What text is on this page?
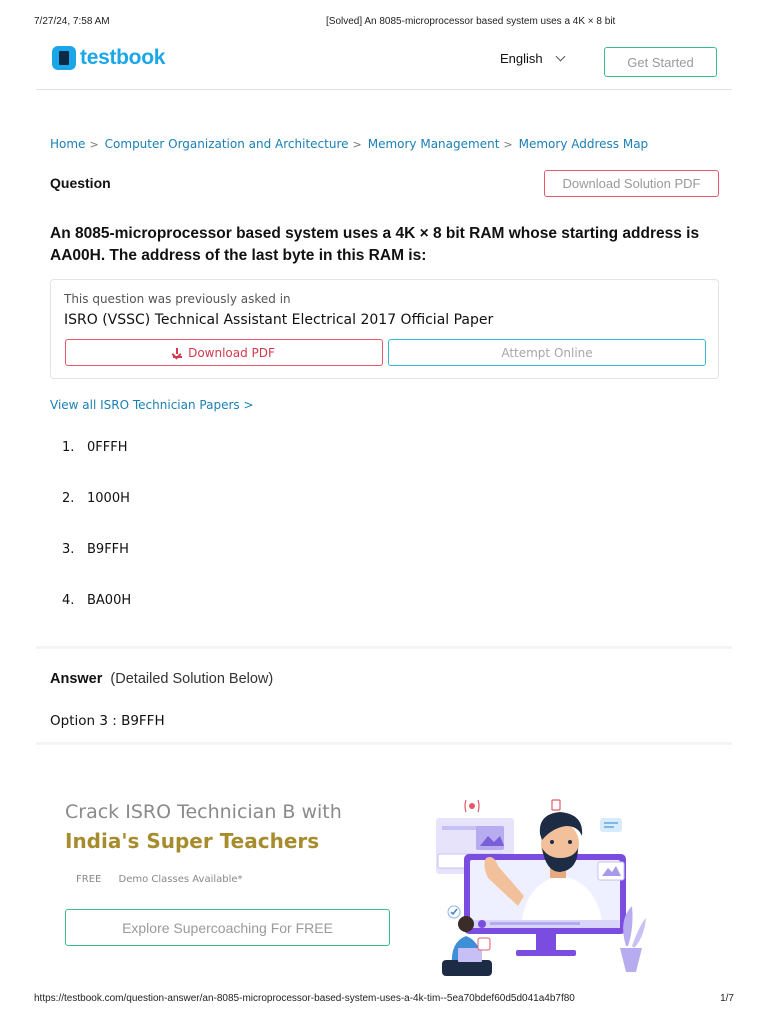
7/27/24, 7:58 AM	[Solved] An 8085-microprocessor based system uses a 4K × 8 bit
testbook	English	Get Started
Home > Computer Organization and Architecture > Memory Management > Memory Address Map
Question	Download Solution PDF
An 8085-microprocessor based system uses a 4K × 8 bit RAM whose starting address is AA00H. The address of the last byte in this RAM is:
This question was previously asked in
ISRO (VSSC) Technical Assistant Electrical 2017 Official Paper
Download PDF	Attempt Online
View all ISRO Technician Papers >
1. 0FFFH
2. 1000H
3. B9FFH
4. BA00H
Answer (Detailed Solution Below)
Option 3 : B9FFH
Crack ISRO Technician B with
India's Super Teachers
FREE Demo Classes Available*
Explore Supercoaching For FREE
https://testbook.com/question-answer/an-8085-microprocessor-based-system-uses-a-4k-tim--5ea70bdef60d5d041a4b7f80	1/7
